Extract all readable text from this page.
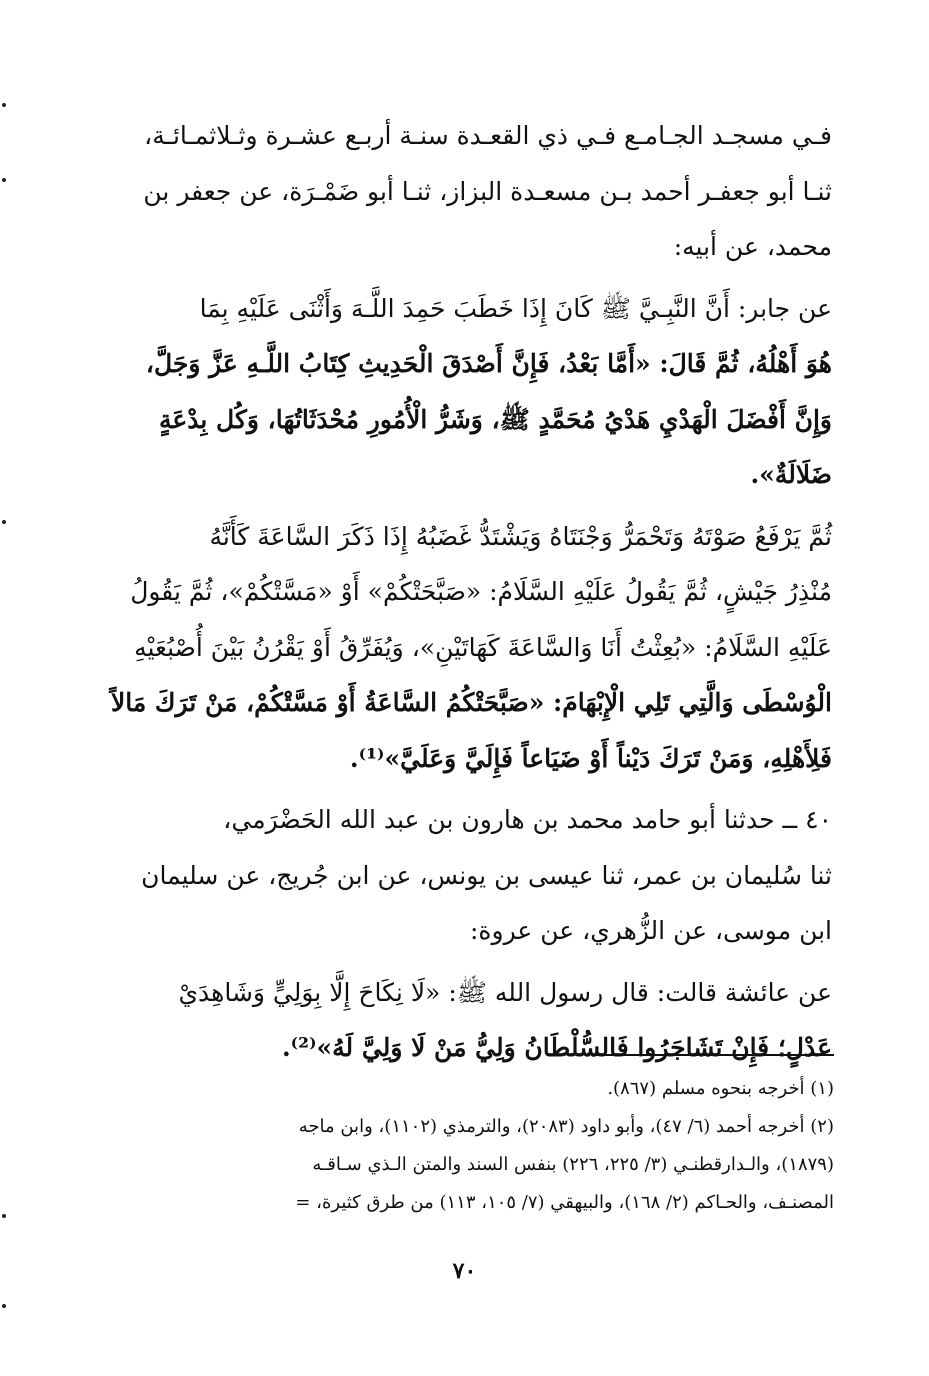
فـي مسجـد الجـامـع فـي ذي القعـدة سنـة أربـع عشـرة وثـلاثمـائـة،

ثنـا أبو جعفـر أحمد بـن مسعـدة البزاز، ثنـا أبو ضَمْـرَة، عن جعفر بن

محمد، عن أبيه:

عن جابر: أَنَّ النَّبِـيَّ ﷺ كَانَ إِذَا خَطَبَ حَمِدَ اللَّـهَ وَأَثْنَى عَلَيْهِ بِمَا

هُوَ أَهْلُهُ، ثُمَّ قَالَ: «أَمَّا بَعْدُ، فَإِنَّ أَصْدَقَ الْحَدِيثِ كِتَابُ اللَّـهِ عَزَّ وَجَلَّ،

وَإِنَّ أَفْضَلَ الْهَدْيِ هَدْيُ مُحَمَّدٍ ﷺ، وَشَرُّ الْأُمُورِ مُحْدَثَاتُهَا، وَكُل بِدْعَةٍ

ضَلَالَةٌ».

ثُمَّ يَرْفَعُ صَوْتَهُ وَتَحْمَرُّ وَجْنَتَاهُ وَيَشْتَدُّ غَضَبُهُ إِذَا ذَكَرَ السَّاعَةَ كَأَنَّهُ

مُنْذِرُ جَيْشٍ، ثُمَّ يَقُولُ عَلَيْهِ السَّلَامُ: «صَبَّحَتْكُمْ» أَوْ «مَسَّتْكُمْ»، ثُمَّ يَقُولُ

عَلَيْهِ السَّلَامُ: «بُعِثْتُ أَنَا وَالسَّاعَةَ كَهَاتَيْنِ»، وَيُفَرِّقُ أَوْ يَقْرُنُ بَيْنَ أُصْبُعَيْهِ

الْوُسْطَى وَالَّتِي تَلِي الْإِبْهَامَ: «صَبَّحَتْكُمُ السَّاعَةُ أَوْ مَسَّتْكُمْ، مَنْ تَرَكَ مَالاً

فَلِأَهْلِهِ، وَمَنْ تَرَكَ دَيْناً أَوْ ضَيَاعاً فَإِلَيَّ وَعَلَيَّ»⁽¹⁾.

٤٠ ــ حدثنا أبو حامد محمد بن هارون بن عبد الله الحَضْرَمي،

ثنا سُليمان بن عمر، ثنا عيسى بن يونس، عن ابن جُريج، عن سليمان

ابن موسى، عن الزُّهري، عن عروة:

عن عائشة قالت: قال رسول الله ﷺ: «لَا نِكَاحَ إِلَّا بِوَلِيٍّ وَشَاهِدَيْ

عَدْلٍ؛ فَإِنْ تَشَاجَرُوا فَالسُّلْطَانُ وَلِيُّ مَنْ لَا وَلِيَّ لَهُ»⁽²⁾.

(١) أخرجه بنحوه مسلم (٨٦٧).

(٢) أخرجه أحمد (٦/ ٤٧)، وأبو داود (٢٠٨٣)، والترمذي (١١٠٢)، وابن ماجه

(١٨٧٩)، والـدارقطنـي (٣/ ٢٢٥، ٢٢٦) بنفس السند والمتن الـذي سـاقـه

المصنـف، والحـاكم (٢/ ١٦٨)، والبيهقي (٧/ ١٠٥، ١١٣) من طرق كثيرة، =

٧٠
